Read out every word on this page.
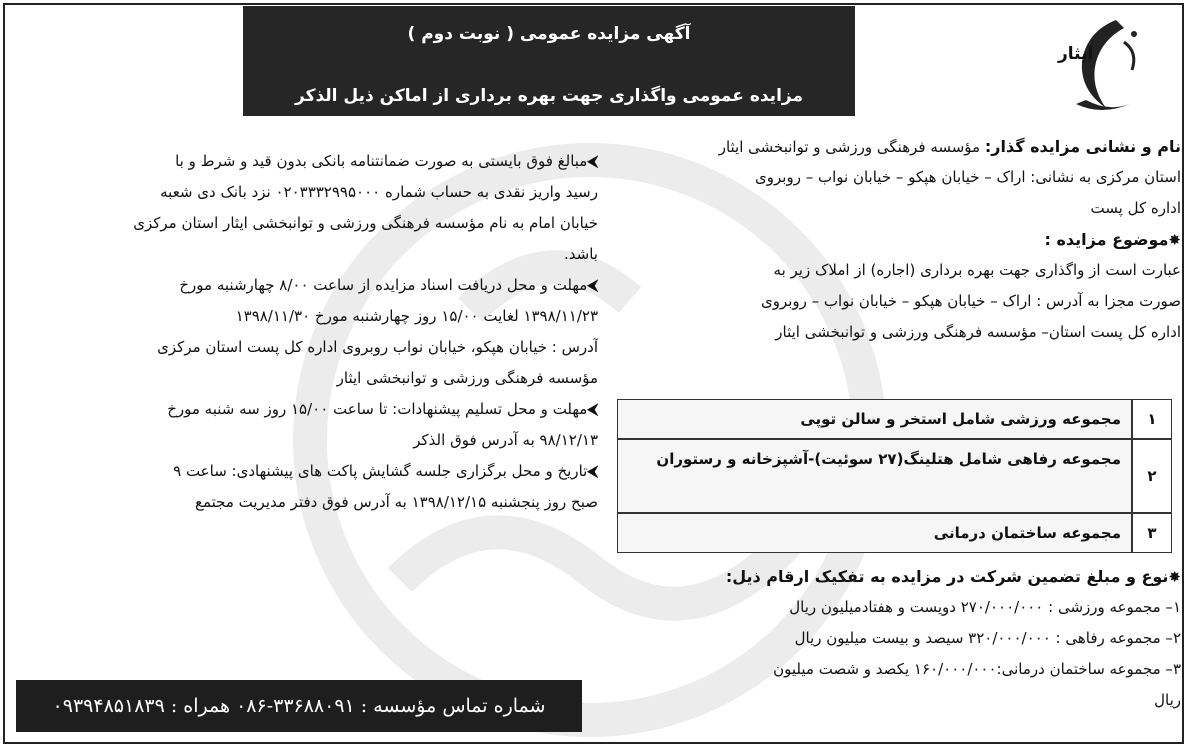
آگهی مزایده عمومی ( نوبت دوم )
مزایده عمومی واگذاری جهت بهره برداری از اماکن ذیل الذکر
ایثار
نام و نشانی مزایده گذار: مؤسسه فرهنگی ورزشی و توانبخشی ایثار
استان مرکزی به نشانی: اراک – خیابان هپکو – خیابان نواب – روبروی
اداره کل پست
✸موضوع مزایده :
عبارت است از واگذاری جهت بهره برداری (اجاره) از املاک زیر به
صورت مجزا به آدرس : اراک – خیابان هپکو – خیابان نواب – روبروی
اداره کل پست استان– مؤسسه فرهنگی ورزشی و توانبخشی ایثار
۱
مجموعه ورزشی شامل استخر و سالن توپی
۲
مجموعه رفاهی شامل هتلینگ(۲۷ سوئیت)-آشپزخانه و رستوران
۳
مجموعه ساختمان درمانی
✸نوع و مبلغ تضمین شرکت در مزایده به تفکیک ارقام ذیل:
۱– مجموعه ورزشی : ۲۷۰/۰۰۰/۰۰۰ دویست و هفتادمیلیون ریال
۲– مجموعه رفاهی : ۳۲۰/۰۰۰/۰۰۰ سیصد و بیست میلیون ریال
۳– مجموعه ساختمان درمانی:۱۶۰/۰۰۰/۰۰۰ یکصد و شصت میلیون
ریال
⮜مبالغ فوق بایستی به صورت ضمانتنامه بانکی بدون قید و شرط و با
رسید واریز نقدی به حساب شماره ۰۲۰۳۳۳۲۹۹۵۰۰۰ نزد بانک دی شعبه
خیابان امام به نام مؤسسه فرهنگی ورزشی و توانبخشی ایثار استان مرکزی
باشد.
⮜مهلت و محل دریافت اسناد مزایده از ساعت ۸/۰۰ چهارشنبه مورخ
۱۳۹۸/۱۱/۲۳ لغایت ۱۵/۰۰ روز چهارشنبه مورخ ۱۳۹۸/۱۱/۳۰
آدرس : خیابان هپکو، خیابان نواب روبروی اداره کل پست استان مرکزی
مؤسسه فرهنگی ورزشی و توانبخشی ایثار
⮜مهلت و محل تسلیم پیشنهادات: تا ساعت ۱۵/۰۰ روز سه شنبه مورخ
۹۸/۱۲/۱۳ به آدرس فوق الذکر
⮜تاریخ و محل برگزاری جلسه گشایش پاکت های پیشنهادی: ساعت ۹
صبح روز پنجشنبه ۱۳۹۸/۱۲/۱۵ به آدرس فوق دفتر مدیریت مجتمع
شماره تماس مؤسسه : ۳۳۶۸۸۰۹۱-۰۸۶ همراه : ۰۹۳۹۴۸۵۱۸۳۹
